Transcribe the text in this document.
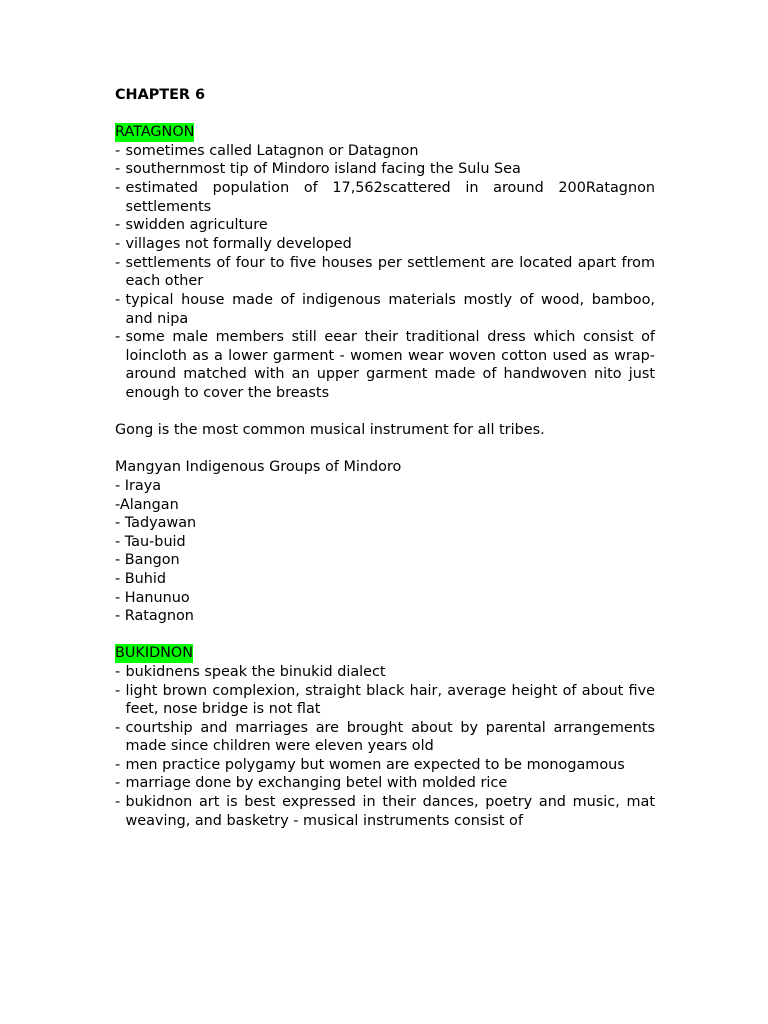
CHAPTER 6

RATAGNON

- sometimes called Latagnon or Datagnon

- southernmost tip of Mindoro island facing the Sulu Sea

- estimated population of 17,562scattered in around 200Ratagnon settlements

- swidden agriculture

- villages not formally developed

- settlements of four to five houses per settlement are located apart from each other

- typical house made of indigenous materials mostly of wood, bamboo, and nipa

- some male members still eear their traditional dress which consist of loincloth as a lower garment - women wear woven cotton used as wrap-around matched with an upper garment made of handwoven nito just enough to cover the breasts

Gong is the most common musical instrument for all tribes.

Mangyan Indigenous Groups of Mindoro

- Iraya

-Alangan

- Tadyawan

- Tau-buid

- Bangon

- Buhid

- Hanunuo

- Ratagnon

BUKIDNON

- bukidnens speak the binukid dialect

- light brown complexion, straight black hair, average height of about five feet, nose bridge is not flat

- courtship and marriages are brought about by parental arrangements made since children were eleven years old

- men practice polygamy but women are expected to be monogamous

- marriage done by exchanging betel with molded rice

- bukidnon art is best expressed in their dances, poetry and music, mat weaving, and basketry - musical instruments consist of
